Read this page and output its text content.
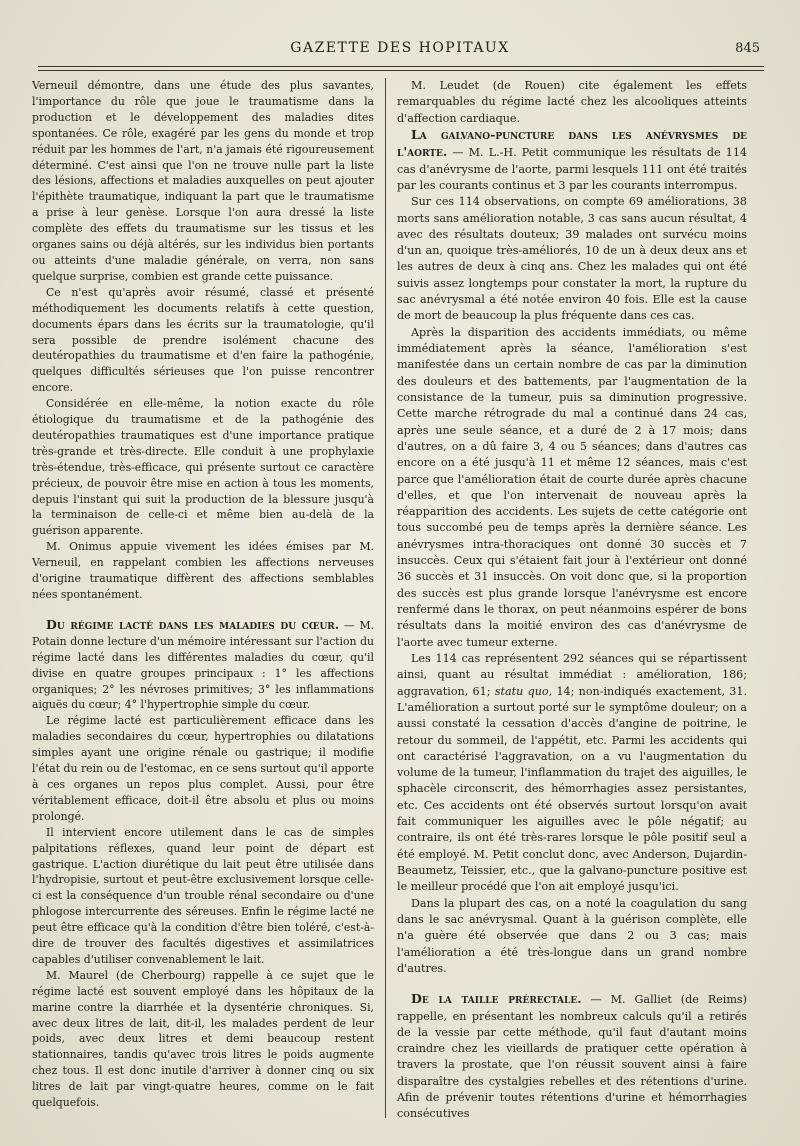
GAZETTE DES HOPITAUX	845

Verneuil démontre, dans une étude des plus savantes, l'importance du rôle que joue le traumatisme dans la production et le développement des maladies dites spontanées. Ce rôle, exagéré par les gens du monde et trop réduit par les hommes de l'art, n'a jamais été rigoureusement déterminé. C'est ainsi que l'on ne trouve nulle part la liste des lésions, affections et maladies auxquelles on peut ajouter l'épithète traumatique, indiquant la part que le traumatisme a prise à leur genèse. Lorsque l'on aura dressé la liste complète des effets du traumatisme sur les tissus et les organes sains ou déjà altérés, sur les individus bien portants ou atteints d'une maladie générale, on verra, non sans quelque surprise, combien est grande cette puissance.

Ce n'est qu'après avoir résumé, classé et présenté méthodiquement les documents relatifs à cette question, documents épars dans les écrits sur la traumatologie, qu'il sera possible de prendre isolément chacune des deutéropathies du traumatisme et d'en faire la pathogénie, quelques difficultés sérieuses que l'on puisse rencontrer encore.

Considérée en elle-même, la notion exacte du rôle étiologique du traumatisme et de la pathogénie des deutéropathies traumatiques est d'une importance pratique très-grande et très-directe. Elle conduit à une prophylaxie très-étendue, très-efficace, qui présente surtout ce caractère précieux, de pouvoir être mise en action à tous les moments, depuis l'instant qui suit la production de la blessure jusqu'à la terminaison de celle-ci et même bien au-delà de la guérison apparente.

M. Onimus appuie vivement les idées émises par M. Verneuil, en rappelant combien les affections nerveuses d'origine traumatique diffèrent des affections semblables nées spontanément.

Du régime lacté dans les maladies du cœur. — M. Potain donne lecture d'un mémoire intéressant sur l'action du régime lacté dans les différentes maladies du cœur, qu'il divise en quatre groupes principaux : 1° les affections organiques; 2° les névroses primitives; 3° les inflammations aiguës du cœur; 4° l'hypertrophie simple du cœur.

Le régime lacté est particulièrement efficace dans les maladies secondaires du cœur, hypertrophies ou dilatations simples ayant une origine rénale ou gastrique; il modifie l'état du rein ou de l'estomac, en ce sens surtout qu'il apporte à ces organes un repos plus complet. Aussi, pour être véritablement efficace, doit-il être absolu et plus ou moins prolongé.

Il intervient encore utilement dans le cas de simples palpitations réflexes, quand leur point de départ est gastrique. L'action diurétique du lait peut être utilisée dans l'hydropisie, surtout et peut-être exclusivement lorsque celle-ci est la conséquence d'un trouble rénal secondaire ou d'une phlogose intercurrente des séreuses. Enfin le régime lacté ne peut être efficace qu'à la condition d'être bien toléré, c'est-à-dire de trouver des facultés digestives et assimilatrices capables d'utiliser convenablement le lait.

M. Maurel (de Cherbourg) rappelle à ce sujet que le régime lacté est souvent employé dans les hôpitaux de la marine contre la diarrhée et la dysentérie chroniques. Si, avec deux litres de lait, dit-il, les malades perdent de leur poids, avec deux litres et demi beaucoup restent stationnaires, tandis qu'avec trois litres le poids augmente chez tous. Il est donc inutile d'arriver à donner cinq ou six litres de lait par vingt-quatre heures, comme on le fait quelquefois.

M. Leudet (de Rouen) cite également les effets remarquables du régime lacté chez les alcooliques atteints d'affection cardiaque.

La galvano-puncture dans les anévrysmes de l'aorte. — M. L.-H. Petit communique les résultats de 114 cas d'anévrysme de l'aorte, parmi lesquels 111 ont été traités par les courants continus et 3 par les courants interrompus.

Sur ces 114 observations, on compte 69 améliorations, 38 morts sans amélioration notable, 3 cas sans aucun résultat, 4 avec des résultats douteux; 39 malades ont survécu moins d'un an, quoique très-améliorés, 10 de un à deux deux ans et les autres de deux à cinq ans. Chez les malades qui ont été suivis assez longtemps pour constater la mort, la rupture du sac anévrysmal a été notée environ 40 fois. Elle est la cause de mort de beaucoup la plus fréquente dans ces cas.

Après la disparition des accidents immédiats, ou même immédiatement après la séance, l'amélioration s'est manifestée dans un certain nombre de cas par la diminution des douleurs et des battements, par l'augmentation de la consistance de la tumeur, puis sa diminution progressive. Cette marche rétrograde du mal a continué dans 24 cas, après une seule séance, et a duré de 2 à 17 mois; dans d'autres, on a dû faire 3, 4 ou 5 séances; dans d'autres cas encore on a été jusqu'à 11 et même 12 séances, mais c'est parce que l'amélioration était de courte durée après chacune d'elles, et que l'on intervenait de nouveau après la réapparition des accidents. Les sujets de cette catégorie ont tous succombé peu de temps après la dernière séance. Les anévrysmes intra-thoraciques ont donné 30 succès et 7 insuccès. Ceux qui s'étaient fait jour à l'extérieur ont donné 36 succès et 31 insuccès. On voit donc que, si la proportion des succès est plus grande lorsque l'anévrysme est encore renfermé dans le thorax, on peut néanmoins espérer de bons résultats dans la moitié environ des cas d'anévrysme de l'aorte avec tumeur externe.

Les 114 cas représentent 292 séances qui se répartissent ainsi, quant au résultat immédiat : amélioration, 186; aggravation, 61; statu quo, 14; non-indiqués exactement, 31. L'amélioration a surtout porté sur le symptôme douleur; on a aussi constaté la cessation d'accès d'angine de poitrine, le retour du sommeil, de l'appétit, etc. Parmi les accidents qui ont caractérisé l'aggravation, on a vu l'augmentation du volume de la tumeur, l'inflammation du trajet des aiguilles, le sphacèle circonscrit, des hémorrhagies assez persistantes, etc. Ces accidents ont été observés surtout lorsqu'on avait fait communiquer les aiguilles avec le pôle négatif; au contraire, ils ont été très-rares lorsque le pôle positif seul a été employé. M. Petit conclut donc, avec Anderson, Dujardin-Beaumetz, Teissier, etc., que la galvano-puncture positive est le meilleur procédé que l'on ait employé jusqu'ici.

Dans la plupart des cas, on a noté la coagulation du sang dans le sac anévrysmal. Quant à la guérison complète, elle n'a guère été observée que dans 2 ou 3 cas; mais l'amélioration a été très-longue dans un grand nombre d'autres.

De la taille prérectale. — M. Galliet (de Reims) rappelle, en présentant les nombreux calculs qu'il a retirés de la vessie par cette méthode, qu'il faut d'autant moins craindre chez les vieillards de pratiquer cette opération à travers la prostate, que l'on réussit souvent ainsi à faire disparaître des cystalgies rebelles et des rétentions d'urine. Afin de prévenir toutes rétentions d'urine et hémorrhagies consécutives
